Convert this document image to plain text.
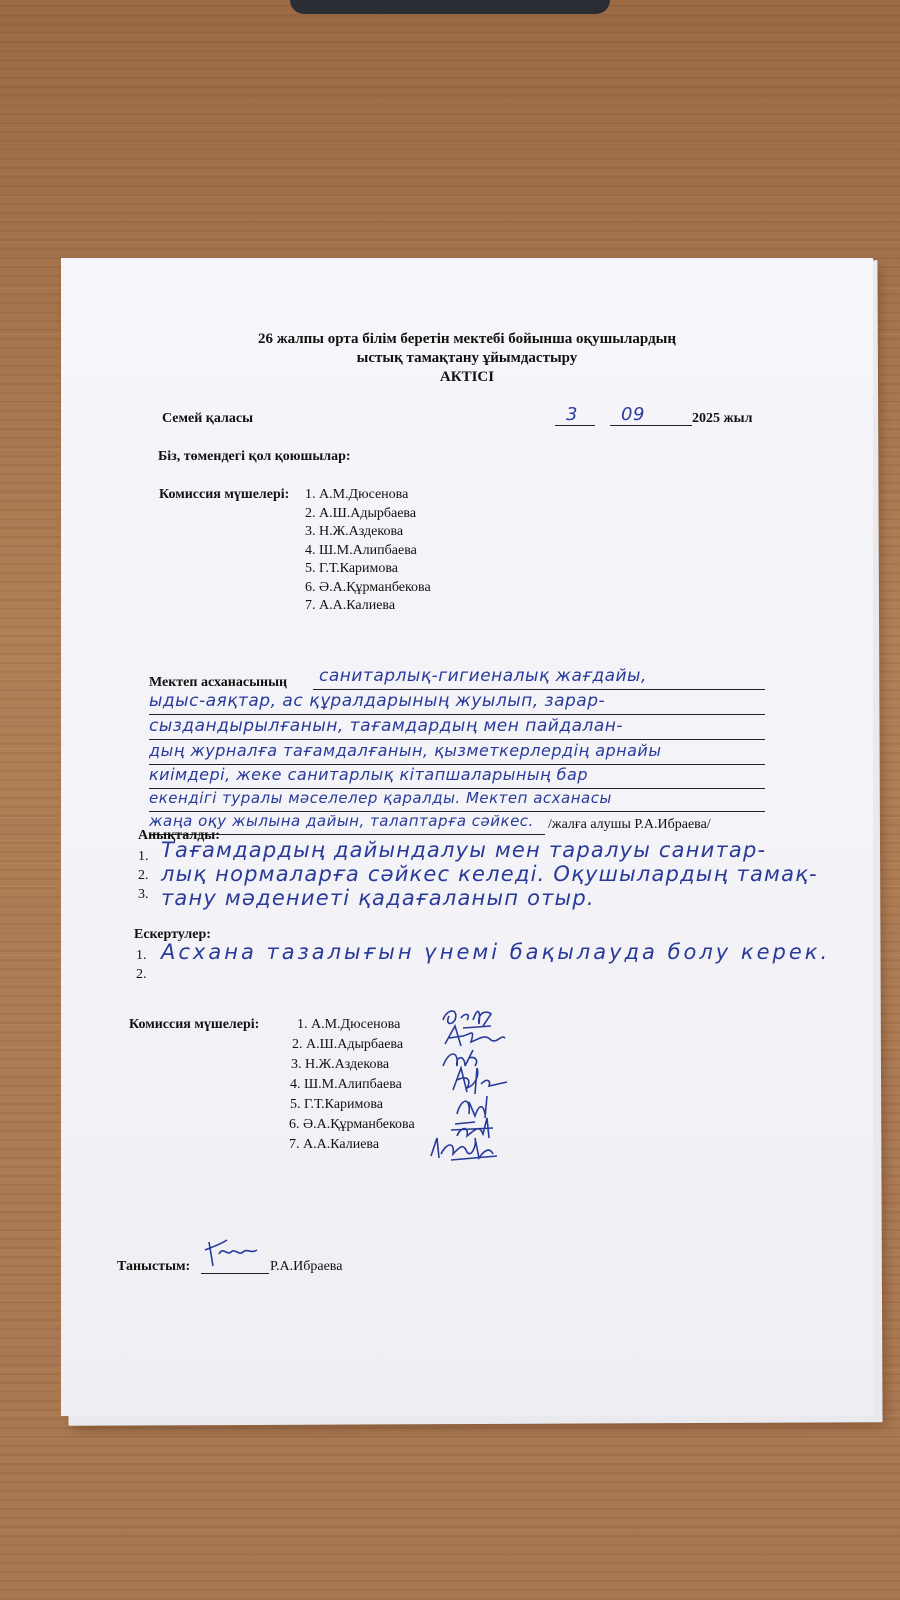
26 жалпы орта білім беретін мектебі бойынша оқушылардың
ыстық тамақтану ұйымдастыру
АКТІСІ
Семей қаласы	3 09	2025 жыл
Біз, төмендегі қол қоюшылар:
Комиссия мүшелері: 1. А.М.Дюсенова
2. А.Ш.Адырбаева
3. Н.Ж.Аздекова
4. Ш.М.Алипбаева
5. Г.Т.Каримова
6. Ә.А.Құрманбекова
7. А.А.Калиева
Мектеп асханасының санитарлық-гигиеналық жағдайы,
ыдыс-аяқтар, ас құралдарының жуылып, зарар-
сыздандырылғанын, тағамдардың мен пайдалан-
дың журналға тағамдалғанын, қызметкерлердің арнайы
киімдері, жеке санитарлық кітапшаларының бар
екендігі туралы мәселелер қаралды. Мектеп асханасы
жаңа оқу жылына дайын, талаптарға сәйкес. /жалға алушы Р.А.Ибраева/
Анықталды:
1.
2.
3.
Тағамдардың дайындалуы мен таралуы санитар-
лық нормаларға сәйкес келеді. Оқушылардың тамақ-
тану мәдениеті қадағаланып отыр.
Ескертулер:
1.
2.
Асхана тазалығын үнемі бақылауда болу керек.
Комиссия мүшелері:	1. А.М.Дюсенова
2. А.Ш.Адырбаева
3. Н.Ж.Аздекова
4. Ш.М.Алипбаева
5. Г.Т.Каримова
6. Ә.А.Құрманбекова
7. А.А.Калиева
Таныстым:	Р.А.Ибраева
